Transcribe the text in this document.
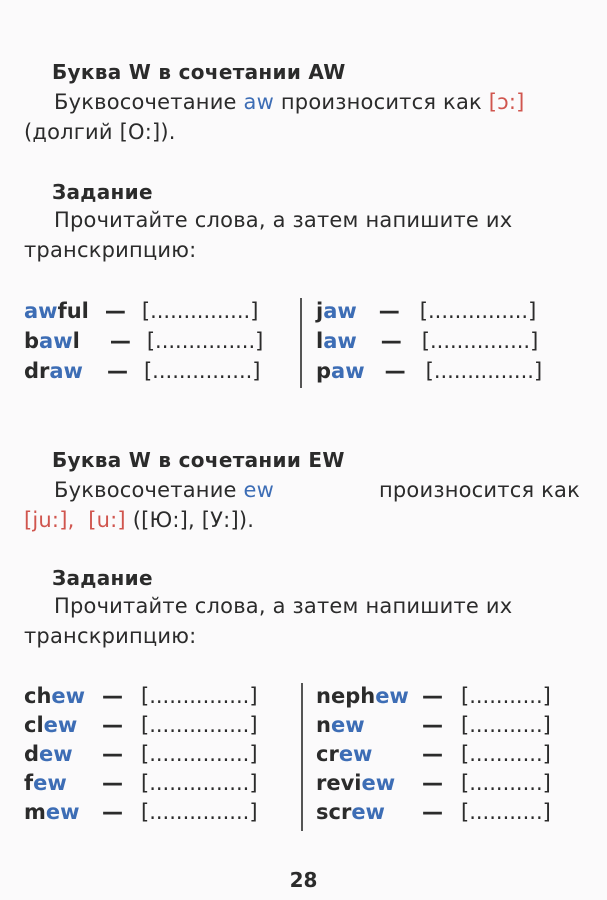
Буква W в сочетании AW
Буквосочетание aw произносится как [ɔ:]
(долгий [О:]).
Задание
Прочитайте слова, а затем напишите их
транскрипцию:
aw ful — [...............]
b aw l — [...............]
dr aw — [...............]
j aw — [...............]
l aw — [...............]
p aw — [...............]
Буква W в сочетании EW
Буквосочетание ew	произносится как
[ju:], [u:] ([Ю:], [У:]).
Задание
Прочитайте слова, а затем напишите их
транскрипцию:
chew — [...............]
clew	— [...............]
dew	— [...............]
few	— [...............]
mew	— [...............]
nephew — [...........]
new	— [...........]
crew	— [...........]
review	— [...........]
screw	— [...........]
28
